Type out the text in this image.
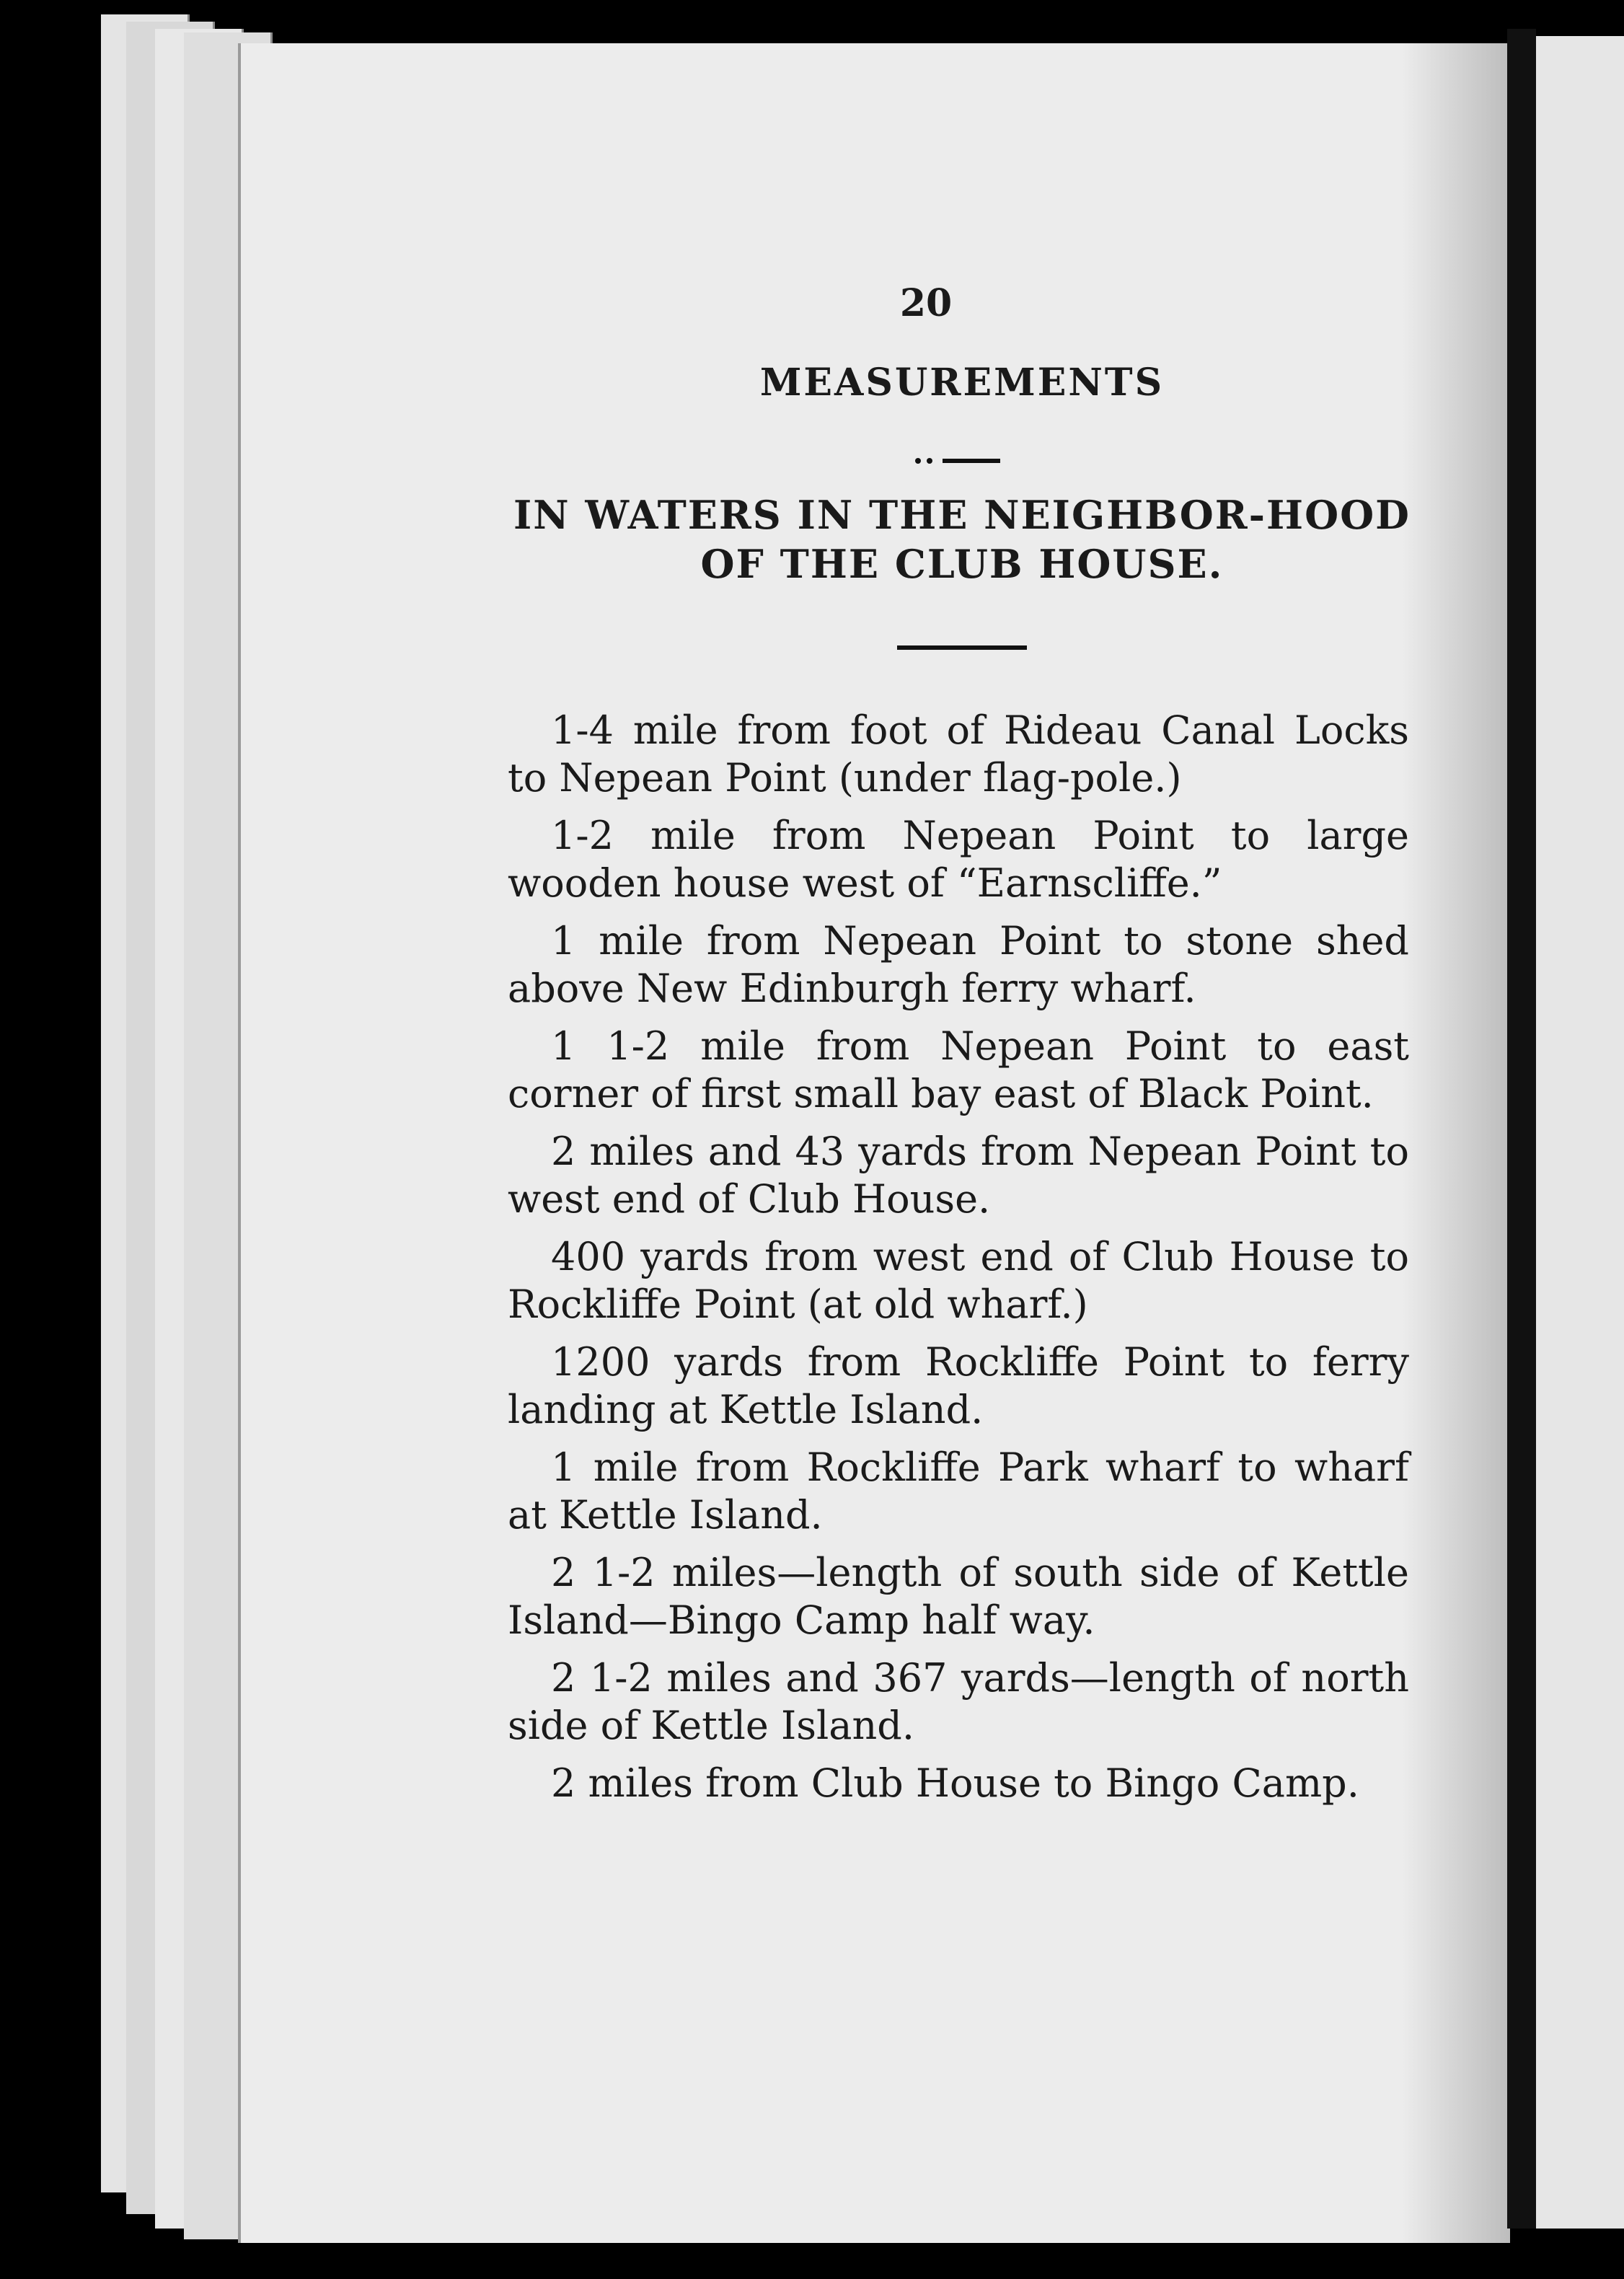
20
MEASUREMENTS
IN WATERS IN THE NEIGHBOR-HOOD OF THE CLUB HOUSE.

1-4 mile from foot of Rideau Canal Locks to Nepean Point (under flag-pole.)

1-2 mile from Nepean Point to large wooden house west of “Earnscliffe.”

1 mile from Nepean Point to stone shed above New Edinburgh ferry wharf.

1 1-2 mile from Nepean Point to east corner of first small bay east of Black Point.

2 miles and 43 yards from Nepean Point to west end of Club House.

400 yards from west end of Club House to Rockliffe Point (at old wharf.)

1200 yards from Rockliffe Point to ferry landing at Kettle Island.

1 mile from Rockliffe Park wharf to wharf at Kettle Island.

2 1-2 miles—length of south side of Kettle Island—Bingo Camp half way.

2 1-2 miles and 367 yards—length of north side of Kettle Island.

2 miles from Club House to Bingo Camp.
